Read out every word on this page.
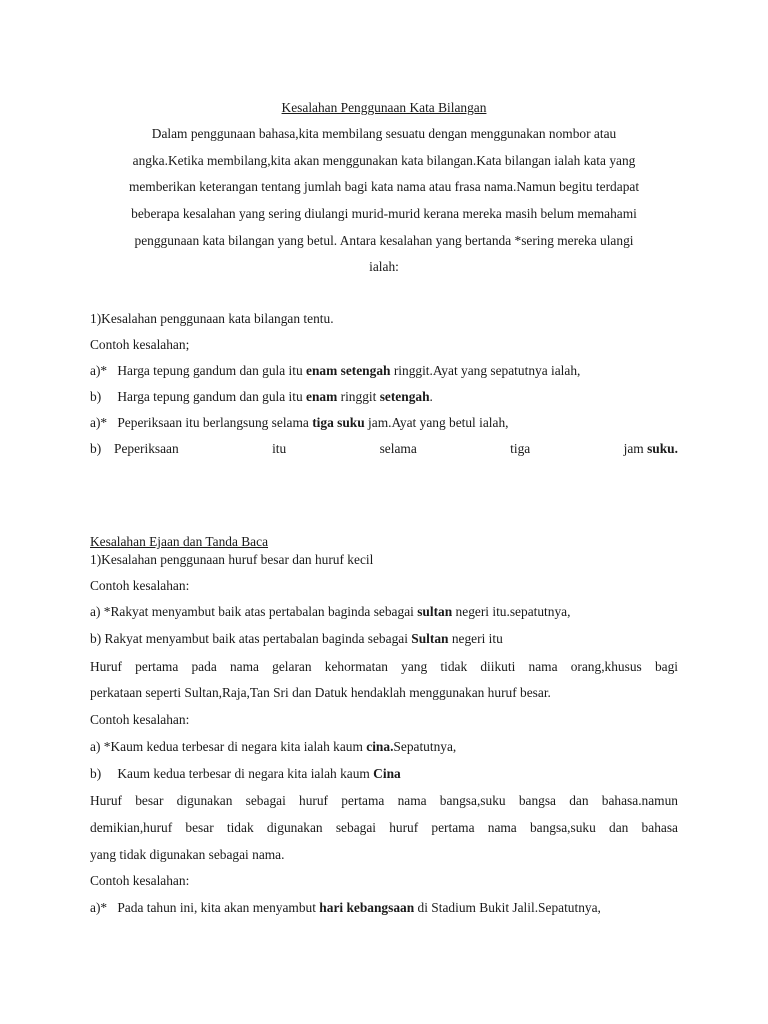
Kesalahan Penggunaan Kata Bilangan
Dalam penggunaan bahasa,kita membilang sesuatu dengan menggunakan nombor atau
angka.Ketika membilang,kita akan menggunakan kata bilangan.Kata bilangan ialah kata yang
memberikan keterangan tentang jumlah bagi kata nama atau frasa nama.Namun begitu terdapat
beberapa kesalahan yang sering diulangi murid-murid kerana mereka masih belum memahami
penggunaan kata bilangan yang betul. Antara kesalahan yang bertanda *sering mereka ulangi
ialah:
1)Kesalahan penggunaan kata bilangan tentu.
Contoh kesalahan;
a)* Harga tepung gandum dan gula itu enam setengah ringgit.Ayat yang sepatutnya ialah,
b) Harga tepung gandum dan gula itu enam ringgit setengah.
a)* Peperiksaan itu berlangsung selama tiga suku jam.Ayat yang betul ialah,
b) Peperiksaan	itu	selama	tiga	jam suku.
Kesalahan Ejaan dan Tanda Baca
1)Kesalahan penggunaan huruf besar dan huruf kecil
Contoh kesalahan:
a) *Rakyat menyambut baik atas pertabalan baginda sebagai sultan negeri itu.sepatutnya,
b) Rakyat menyambut baik atas pertabalan baginda sebagai Sultan negeri itu
Huruf pertama pada nama gelaran kehormatan yang tidak diikuti nama orang,khusus bagi
perkataan seperti Sultan,Raja,Tan Sri dan Datuk hendaklah menggunakan huruf besar.
Contoh kesalahan:
a) *Kaum kedua terbesar di negara kita ialah kaum cina.Sepatutnya,
b) Kaum kedua terbesar di negara kita ialah kaum Cina
Huruf besar digunakan sebagai huruf pertama nama bangsa,suku bangsa dan bahasa.namun
demikian,huruf besar tidak digunakan sebagai huruf pertama nama bangsa,suku dan bahasa
yang tidak digunakan sebagai nama.
Contoh kesalahan:
a)* Pada tahun ini, kita akan menyambut hari kebangsaan di Stadium Bukit Jalil.Sepatutnya,
